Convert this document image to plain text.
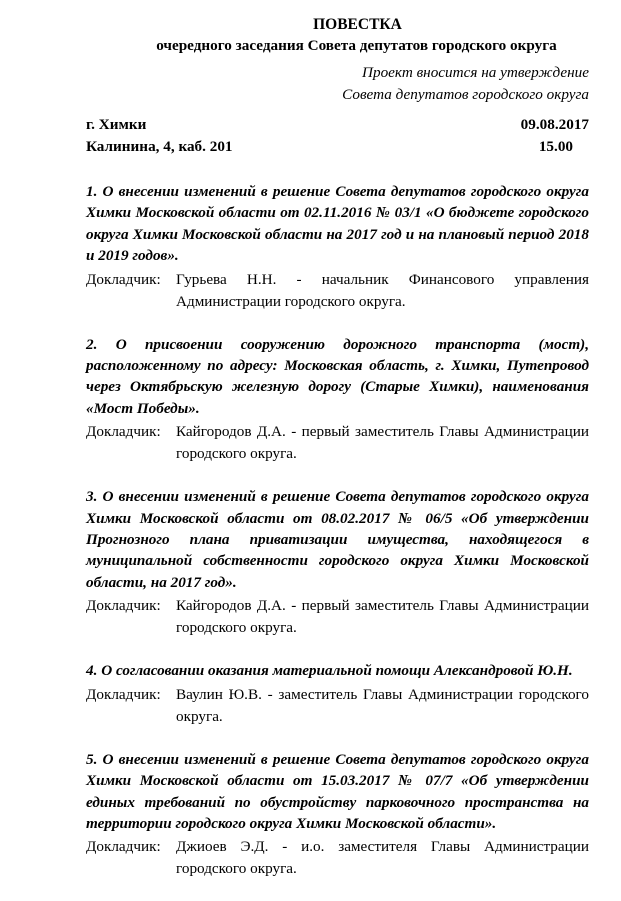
ПОВЕСТКА
очередного заседания Совета депутатов городского округа
Проект вносится на утверждение
Совета депутатов городского округа
г. Химки	09.08.2017
Калинина, 4, каб. 201	15.00
1. О внесении изменений в решение Совета депутатов городского округа Химки Московской области от 02.11.2016 № 03/1 «О бюджете городского округа Химки Московской области на 2017 год и на плановый период 2018 и 2019 годов».
Докладчик:	Гурьева Н.Н. - начальник Финансового управления Администрации городского округа.
2. О присвоении сооружению дорожного транспорта (мост), расположенному по адресу: Московская область, г. Химки, Путепровод через Октябрьскую железную дорогу (Старые Химки), наименования «Мост Победы».
Докладчик:	Кайгородов Д.А. - первый заместитель Главы Администрации городского округа.
3. О внесении изменений в решение Совета депутатов городского округа Химки Московской области от 08.02.2017 № 06/5 «Об утверждении Прогнозного плана приватизации имущества, находящегося в муниципальной собственности городского округа Химки Московской области, на 2017 год».
Докладчик:	Кайгородов Д.А. - первый заместитель Главы Администрации городского округа.
4. О согласовании оказания материальной помощи Александровой Ю.Н.
Докладчик:	Ваулин Ю.В. - заместитель Главы Администрации городского округа.
5. О внесении изменений в решение Совета депутатов городского округа Химки Московской области от 15.03.2017 № 07/7 «Об утверждении единых требований по обустройству парковочного пространства на территории городского округа Химки Московской области».
Докладчик:	Джиоев Э.Д. - и.о. заместителя Главы Администрации городского округа.
